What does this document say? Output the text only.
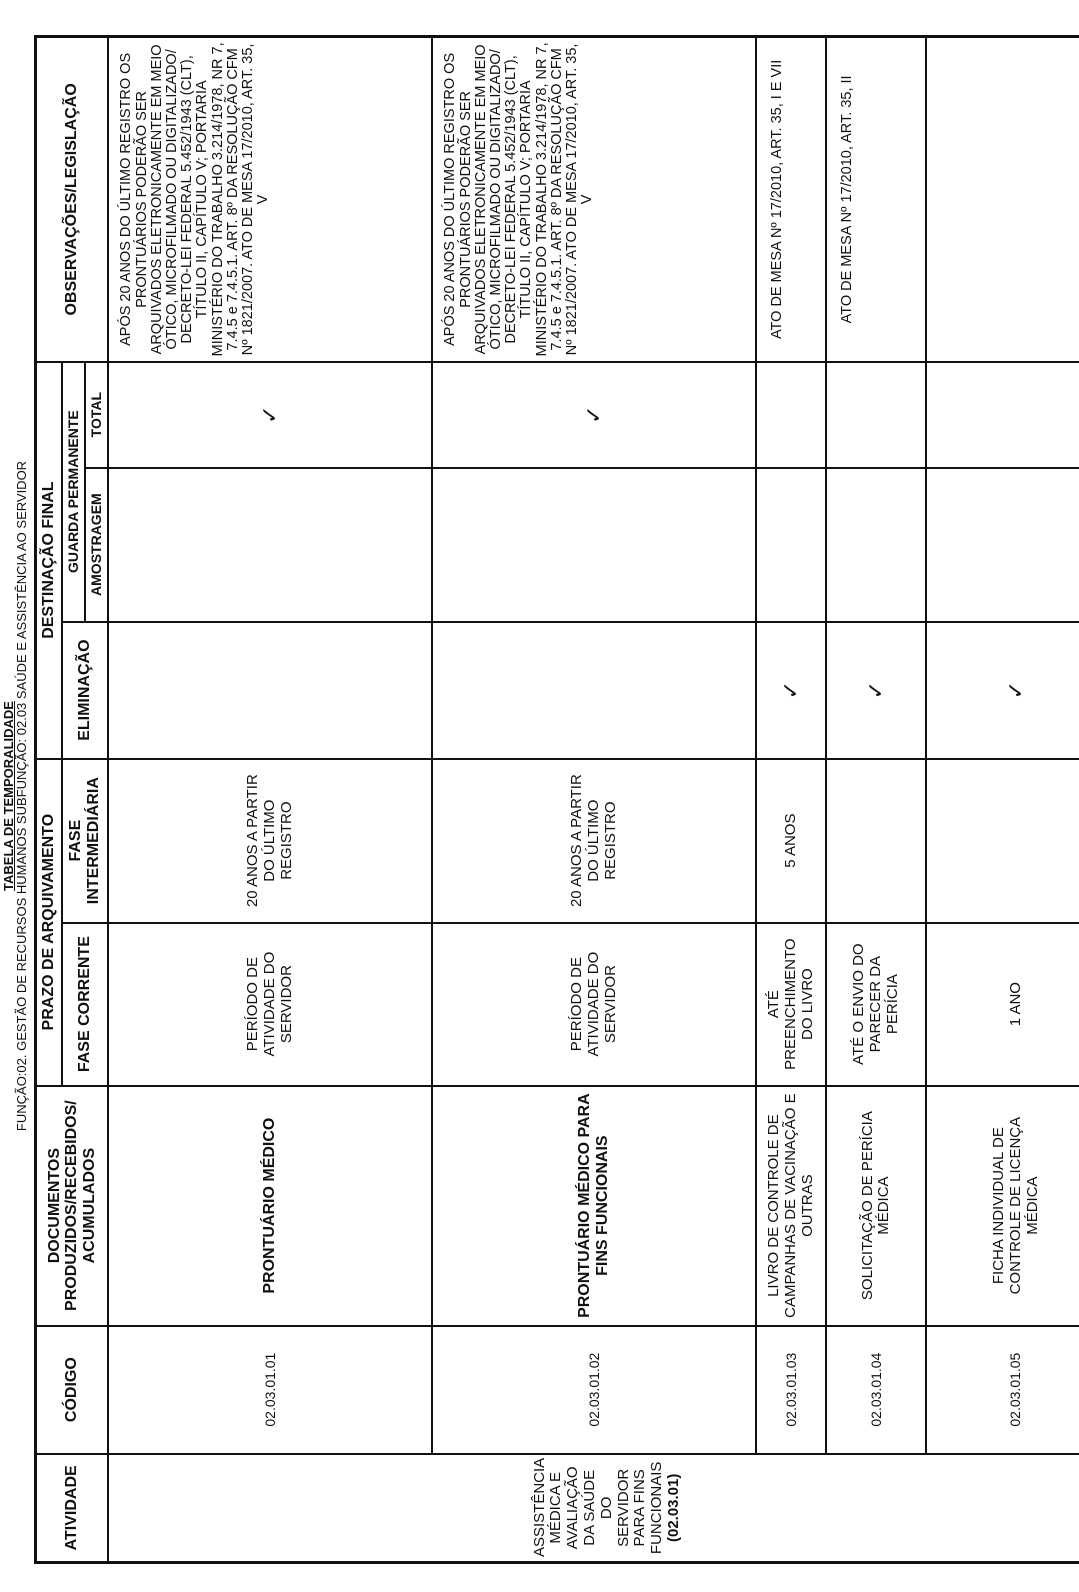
TABELA DE TEMPORALIDADE
FUNÇÃO:02. GESTÃO DE RECURSOS HUMANOS SUBFUNÇÃO: 02.03 SAÚDE E ASSISTÊNCIA AO SERVIDOR
ATIVIDADE	CÓDIGO	DOCUMENTOS PRODUZIDOS/RECEBIDOS/ ACUMULADOS	PRAZO DE ARQUIVAMENTO		DESTINAÇÃO FINAL			OBSERVAÇÕES/LEGISLAÇÃO
			FASE CORRENTE	FASE INTERMEDIÁRIA	ELIMINAÇÃO	GUARDA PERMANENTE		
						AMOSTRAGEM	TOTAL	
ASSISTÊNCIA MÉDICA E AVALIAÇÃO DA SAÚDE DO SERVIDOR PARA FINS FUNCIONAIS (02.03.01)	02.03.01.01	PRONTUÁRIO MÉDICO	PERÍODO DE ATIVIDADE DO SERVIDOR	20 ANOS A PARTIR DO ÚLTIMO REGISTRO			✓	APÓS 20 ANOS DO ÚLTIMO REGISTRO OS PRONTUÁRIOS PODERÃO SER ARQUIVADOS ELETRONICAMENTE EM MEIO ÓTICO, MICROFILMADO OU DIGITALIZADO/ DECRETO-LEI FEDERAL 5.452/1943 (CLT), TÍTULO II, CAPÍTULO V; PORTARIA MINISTÉRIO DO TRABALHO 3.214/1978, NR 7, 7.4.5 e 7.4.5.1. ART. 8º DA RESOLUÇÃO CFM Nº 1821/2007. ATO DE MESA 17/2010, ART. 35, V
	02.03.01.02	PRONTUÁRIO MÉDICO PARA FINS FUNCIONAIS	PERÍODO DE ATIVIDADE DO SERVIDOR	20 ANOS A PARTIR DO ÚLTIMO REGISTRO			✓	APÓS 20 ANOS DO ÚLTIMO REGISTRO OS PRONTUÁRIOS PODERÃO SER ARQUIVADOS ELETRONICAMENTE EM MEIO ÓTICO, MICROFILMADO OU DIGITALIZADO/ DECRETO-LEI FEDERAL 5.452/1943 (CLT), TÍTULO II, CAPÍTULO V; PORTARIA MINISTÉRIO DO TRABALHO 3.214/1978, NR 7, 7.4.5 e 7.4.5.1. ART. 8º DA RESOLUÇÃO CFM Nº 1821/2007. ATO DE MESA 17/2010, ART. 35, V
	02.03.01.03	LIVRO DE CONTROLE DE CAMPANHAS DE VACINAÇÃO E OUTRAS	ATÉ PREENCHIMENTO DO LIVRO	5 ANOS	✓			ATO DE MESA Nº 17/2010, ART. 35, I E VII
	02.03.01.04	SOLICITAÇÃO DE PERÍCIA MÉDICA	ATÉ O ENVIO DO PARECER DA PERÍCIA		✓			ATO DE MESA Nº 17/2010, ART. 35, II
	02.03.01.05	FICHA INDIVIDUAL DE CONTROLE DE LICENÇA MÉDICA	1 ANO		✓			
